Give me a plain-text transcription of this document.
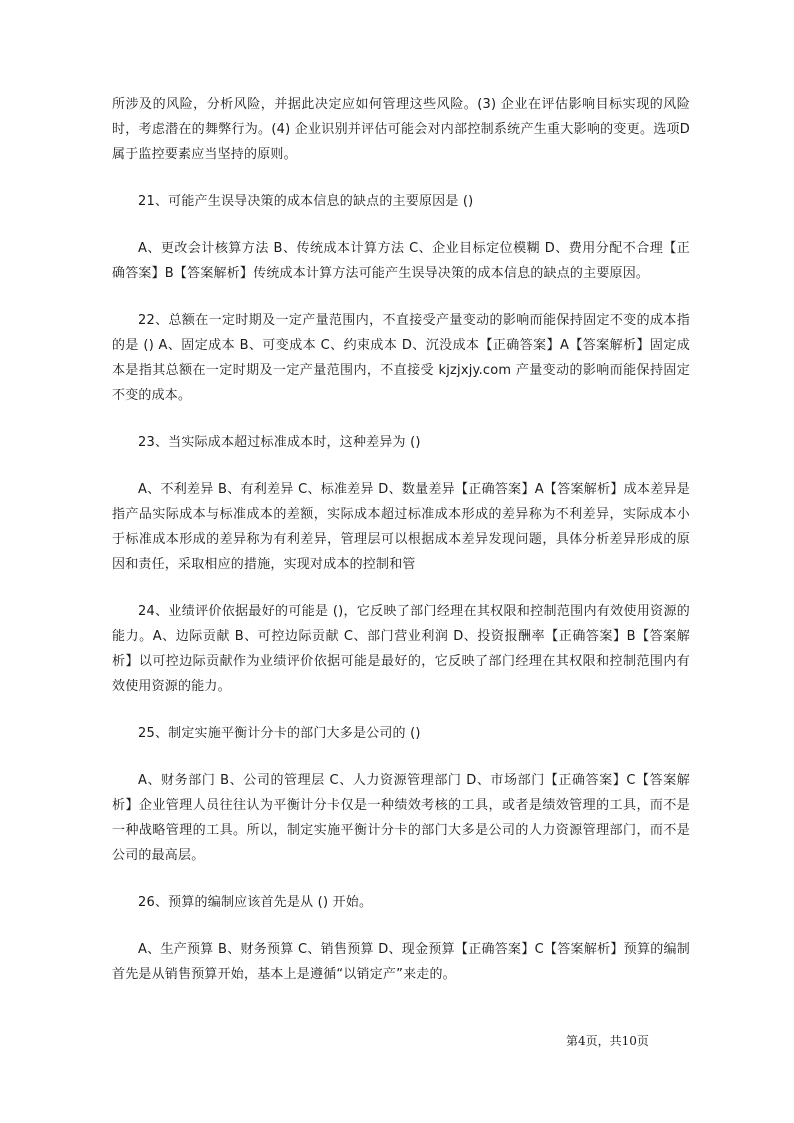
所涉及的风险，分析风险，并据此决定应如何管理这些风险。(3) 企业在评估影响目标实现的风险时，考虑潜在的舞弊行为。(4) 企业识别并评估可能会对内部控制系统产生重大影响的变更。选项D属于监控要素应当坚持的原则。

21、可能产生误导决策的成本信息的缺点的主要原因是 ()

A、更改会计核算方法 B、传统成本计算方法 C、企业目标定位模糊 D、费用分配不合理【正确答案】B【答案解析】传统成本计算方法可能产生误导决策的成本信息的缺点的主要原因。

22、总额在一定时期及一定产量范围内，不直接受产量变动的影响而能保持固定不变的成本指的是 () A、固定成本 B、可变成本 C、约束成本 D、沉没成本【正确答案】A【答案解析】固定成本是指其总额在一定时期及一定产量范围内，不直接受 kjzjxjy.com 产量变动的影响而能保持固定不变的成本。

23、当实际成本超过标准成本时，这种差异为 ()

A、不利差异 B、有利差异 C、标准差异 D、数量差异【正确答案】A【答案解析】成本差异是指产品实际成本与标准成本的差额，实际成本超过标准成本形成的差异称为不利差异，实际成本小于标准成本形成的差异称为有利差异，管理层可以根据成本差异发现问题，具体分析差异形成的原因和责任，采取相应的措施，实现对成本的控制和管

24、业绩评价依据最好的可能是 ()，它反映了部门经理在其权限和控制范围内有效使用资源的能力。A、边际贡献 B、可控边际贡献 C、部门营业利润 D、投资报酬率【正确答案】B【答案解析】以可控边际贡献作为业绩评价依据可能是最好的，它反映了部门经理在其权限和控制范围内有效使用资源的能力。

25、制定实施平衡计分卡的部门大多是公司的 ()

A、财务部门 B、公司的管理层 C、人力资源管理部门 D、市场部门【正确答案】C【答案解析】企业管理人员往往认为平衡计分卡仅是一种绩效考核的工具，或者是绩效管理的工具，而不是一种战略管理的工具。所以，制定实施平衡计分卡的部门大多是公司的人力资源管理部门，而不是公司的最高层。

26、预算的编制应该首先是从 () 开始。

A、生产预算 B、财务预算 C、销售预算 D、现金预算【正确答案】C【答案解析】预算的编制首先是从销售预算开始，基本上是遵循“以销定产”来走的。

第4页，共10页
